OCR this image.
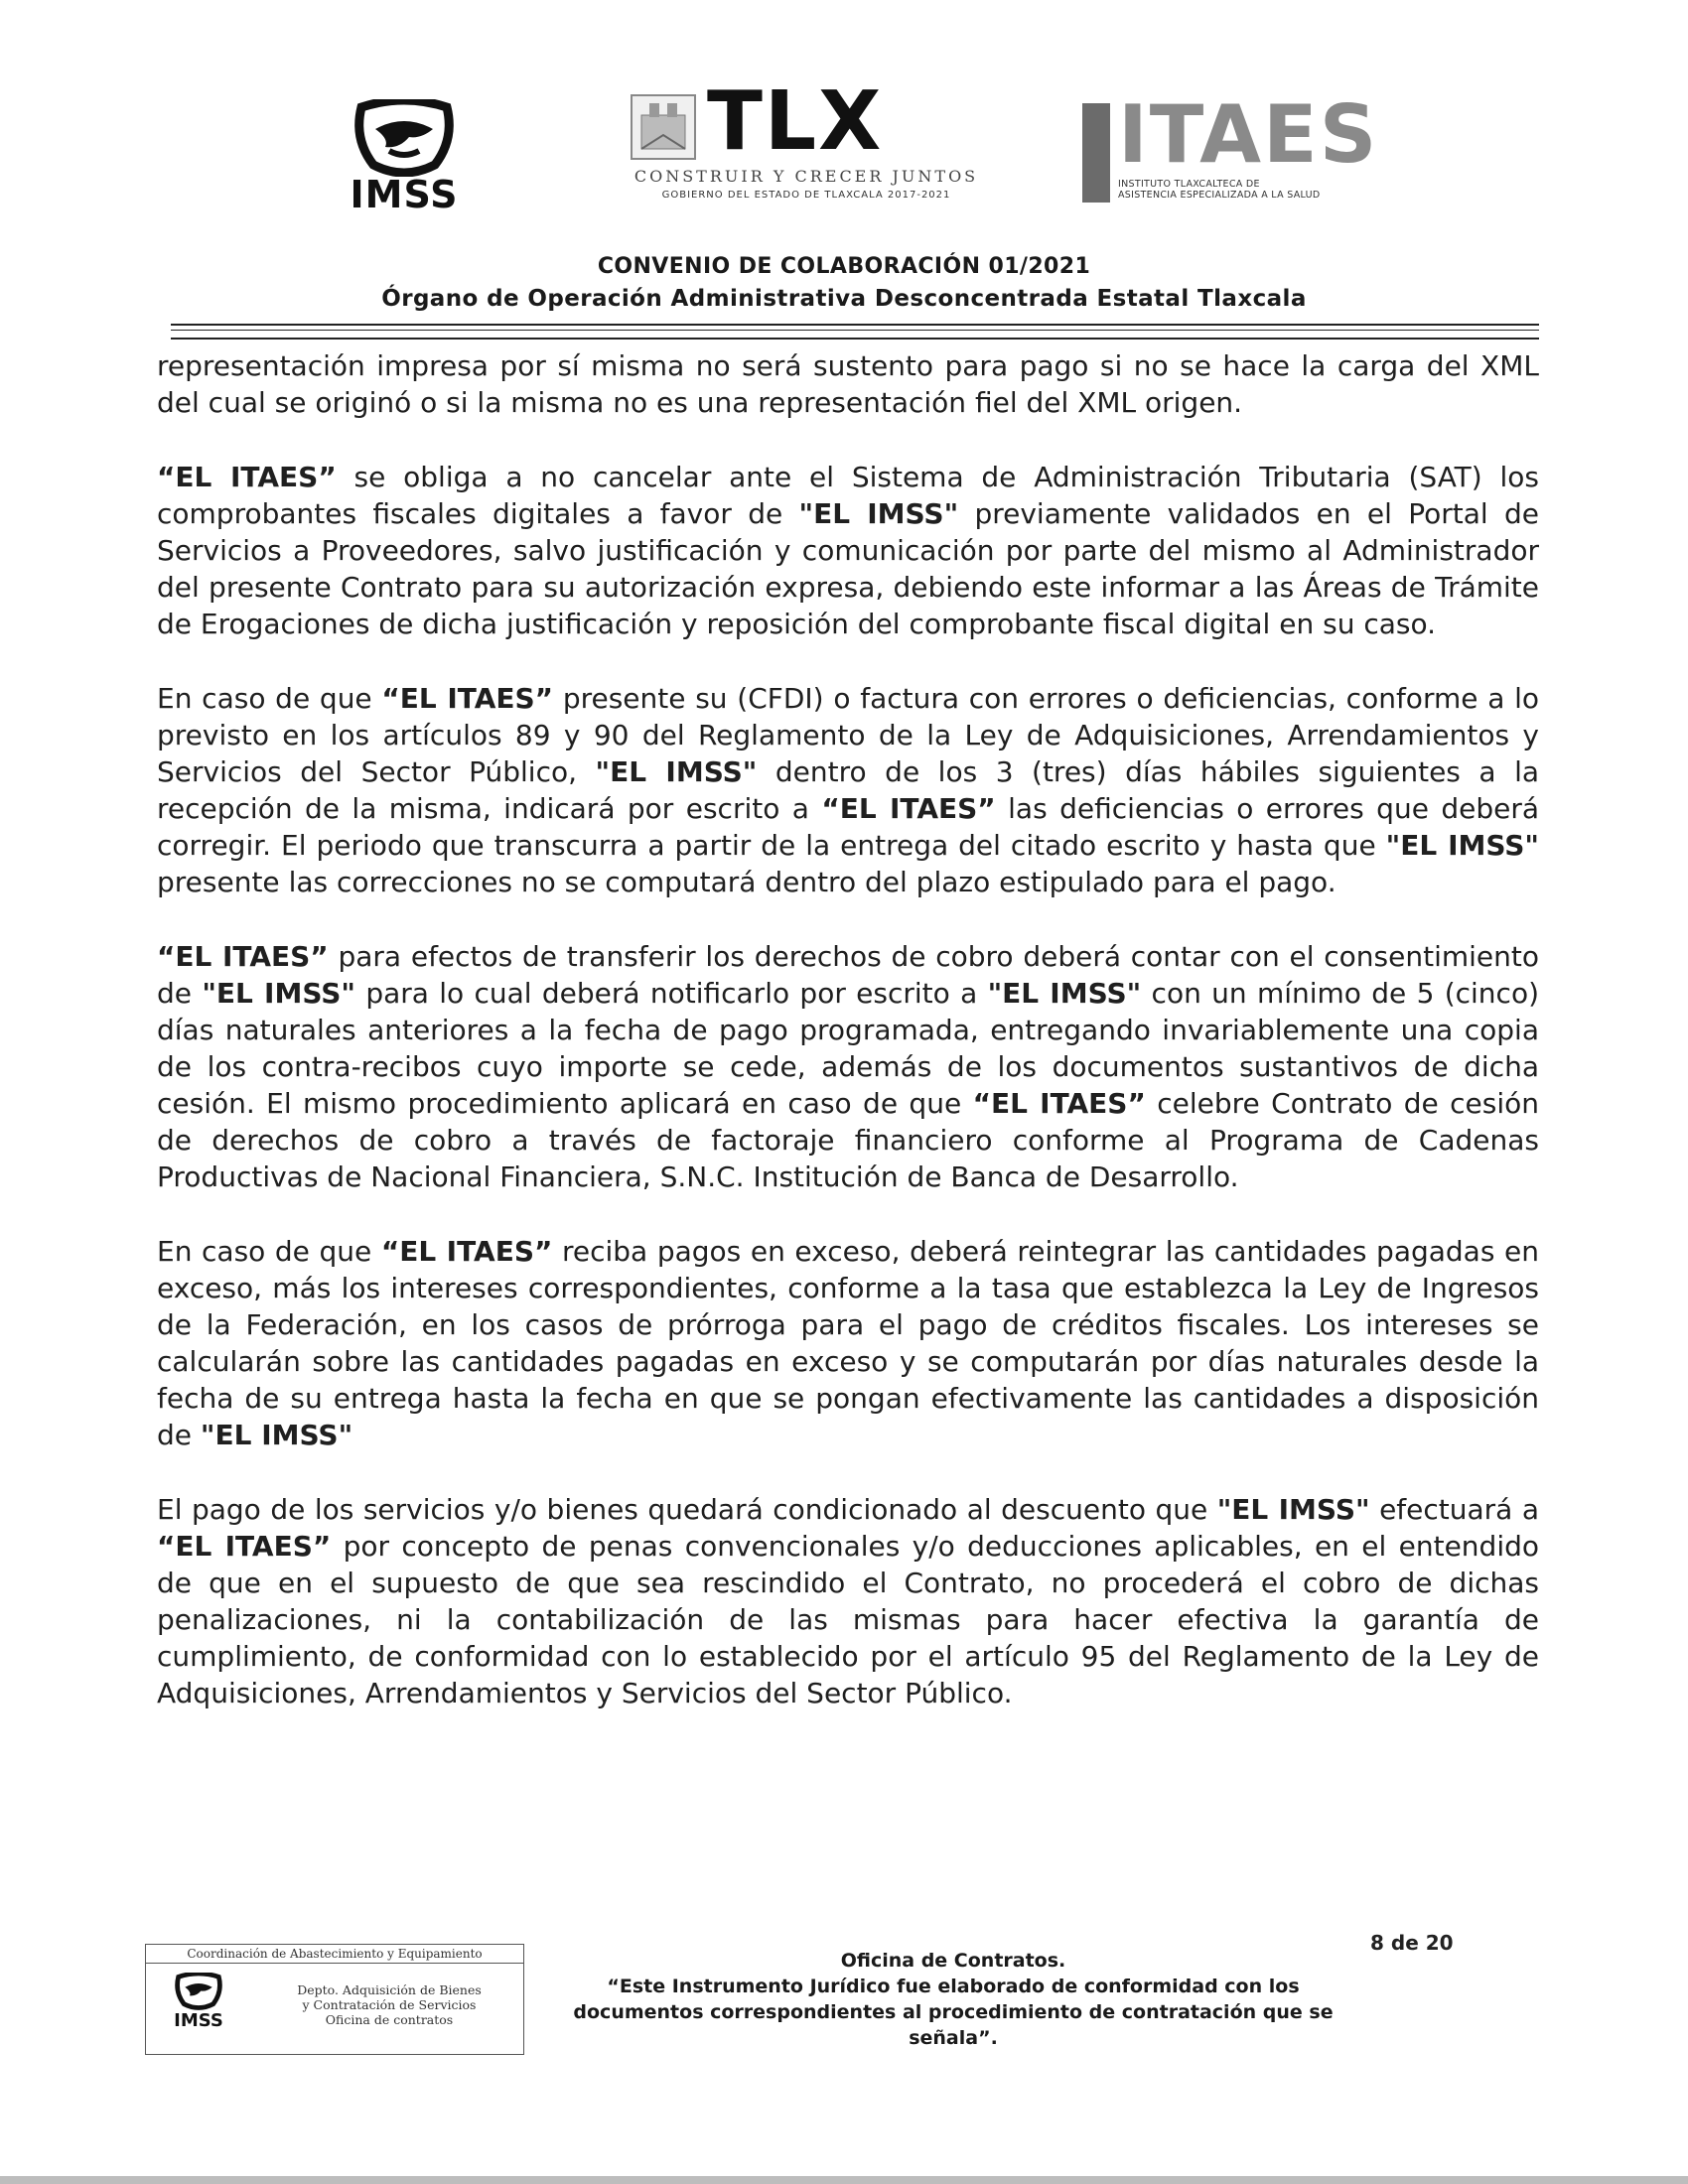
IMSS
TLX
CONSTRUIR Y CRECER JUNTOS
GOBIERNO DEL ESTADO DE TLAXCALA 2017-2021
ITAES
INSTITUTO TLAXCALTECA DE
ASISTENCIA ESPECIALIZADA A LA SALUD
CONVENIO DE COLABORACIÓN 01/2021
Órgano de Operación Administrativa Desconcentrada Estatal Tlaxcala

representación impresa por sí misma no será sustento para pago si no se hace la carga del XML del cual se originó o si la misma no es una representación fiel del XML origen.

“EL ITAES” se obliga a no cancelar ante el Sistema de Administración Tributaria (SAT) los comprobantes fiscales digitales a favor de "EL IMSS" previamente validados en el Portal de Servicios a Proveedores, salvo justificación y comunicación por parte del mismo al Administrador del presente Contrato para su autorización expresa, debiendo este informar a las Áreas de Trámite de Erogaciones de dicha justificación y reposición del comprobante fiscal digital en su caso.

En caso de que “EL ITAES” presente su (CFDI) o factura con errores o deficiencias, conforme a lo previsto en los artículos 89 y 90 del Reglamento de la Ley de Adquisiciones, Arrendamientos y Servicios del Sector Público, "EL IMSS" dentro de los 3 (tres) días hábiles siguientes a la recepción de la misma, indicará por escrito a “EL ITAES” las deficiencias o errores que deberá corregir. El periodo que transcurra a partir de la entrega del citado escrito y hasta que "EL IMSS" presente las correcciones no se computará dentro del plazo estipulado para el pago.

“EL ITAES” para efectos de transferir los derechos de cobro deberá contar con el consentimiento de "EL IMSS" para lo cual deberá notificarlo por escrito a "EL IMSS" con un mínimo de 5 (cinco) días naturales anteriores a la fecha de pago programada, entregando invariablemente una copia de los contra-recibos cuyo importe se cede, además de los documentos sustantivos de dicha cesión. El mismo procedimiento aplicará en caso de que “EL ITAES” celebre Contrato de cesión de derechos de cobro a través de factoraje financiero conforme al Programa de Cadenas Productivas de Nacional Financiera, S.N.C. Institución de Banca de Desarrollo.

En caso de que “EL ITAES” reciba pagos en exceso, deberá reintegrar las cantidades pagadas en exceso, más los intereses correspondientes, conforme a la tasa que establezca la Ley de Ingresos de la Federación, en los casos de prórroga para el pago de créditos fiscales. Los intereses se calcularán sobre las cantidades pagadas en exceso y se computarán por días naturales desde la fecha de su entrega hasta la fecha en que se pongan efectivamente las cantidades a disposición de "EL IMSS"

El pago de los servicios y/o bienes quedará condicionado al descuento que "EL IMSS" efectuará a “EL ITAES” por concepto de penas convencionales y/o deducciones aplicables, en el entendido de que en el supuesto de que sea rescindido el Contrato, no procederá el cobro de dichas penalizaciones, ni la contabilización de las mismas para hacer efectiva la garantía de cumplimiento, de conformidad con lo establecido por el artículo 95 del Reglamento de la Ley de Adquisiciones, Arrendamientos y Servicios del Sector Público.

8 de 20
Coordinación de Abastecimiento y Equipamiento
IMSS
Depto. Adquisición de Bienes
y Contratación de Servicios
Oficina de contratos
Oficina de Contratos.
“Este Instrumento Jurídico fue elaborado de conformidad con los documentos correspondientes al procedimiento de contratación que se señala”.
